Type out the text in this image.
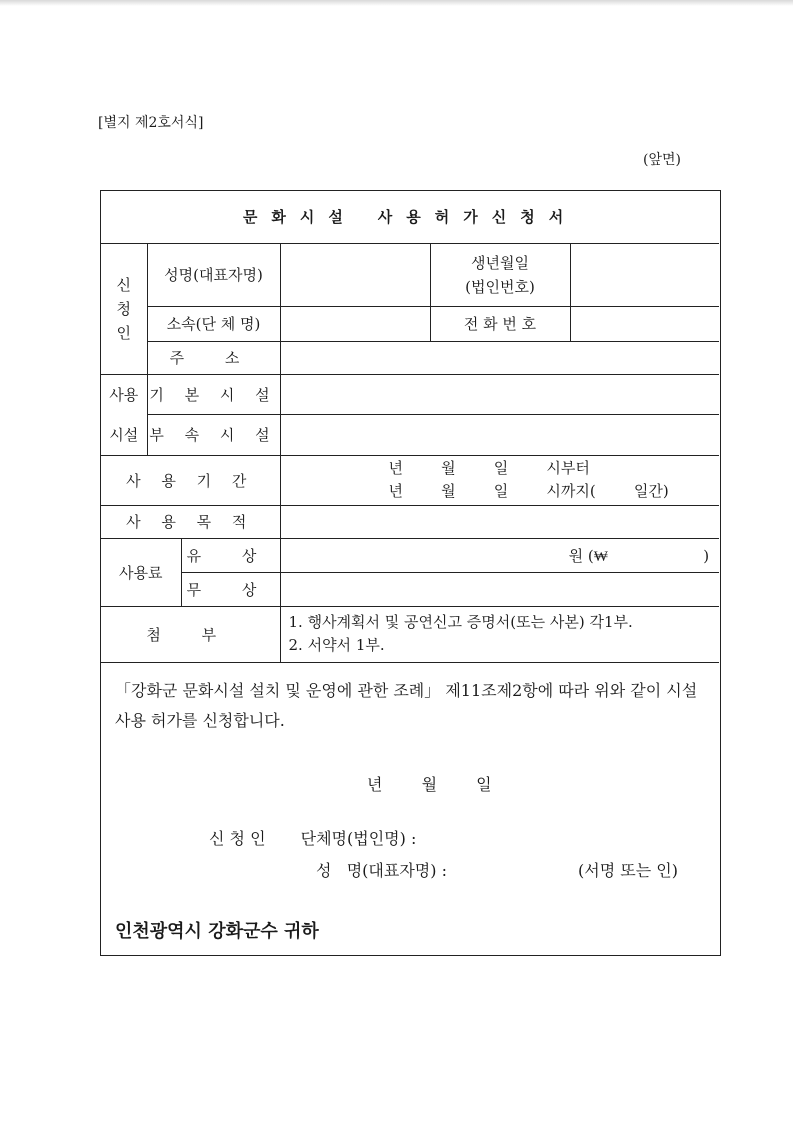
[별지 제2호서식]
(앞면)
문화시설 사용허가신청서					

신
청
인	성명(대표자명)			생년월일
(법인번호)	

	소속(단 체 명)			전 화 번 호	
	주 소				

사용
시설	기 본 시 설				
	부 속 시 설				
사 용 기 간			년        월        일        시부터
년        월        일        시까지(        일간)		

사 용 목 적					
사용료		유 상	원 (₩                    )		
		무 상			
첨 부			1. 행사계획서 및 공연신고 증명서(또는 사본) 각1부.
2. 서약서 1부.		
「강화군 문화시설 설치 및 운영에 관한 조례」 제11조제2항에 따라 위와 같이 시설사용 허가를 신청합니다.
년 월 일
신 청 인 단체명(법인명) :
성   명(대표자명) :	(서명 또는 인)
인천광역시 강화군수 귀하
